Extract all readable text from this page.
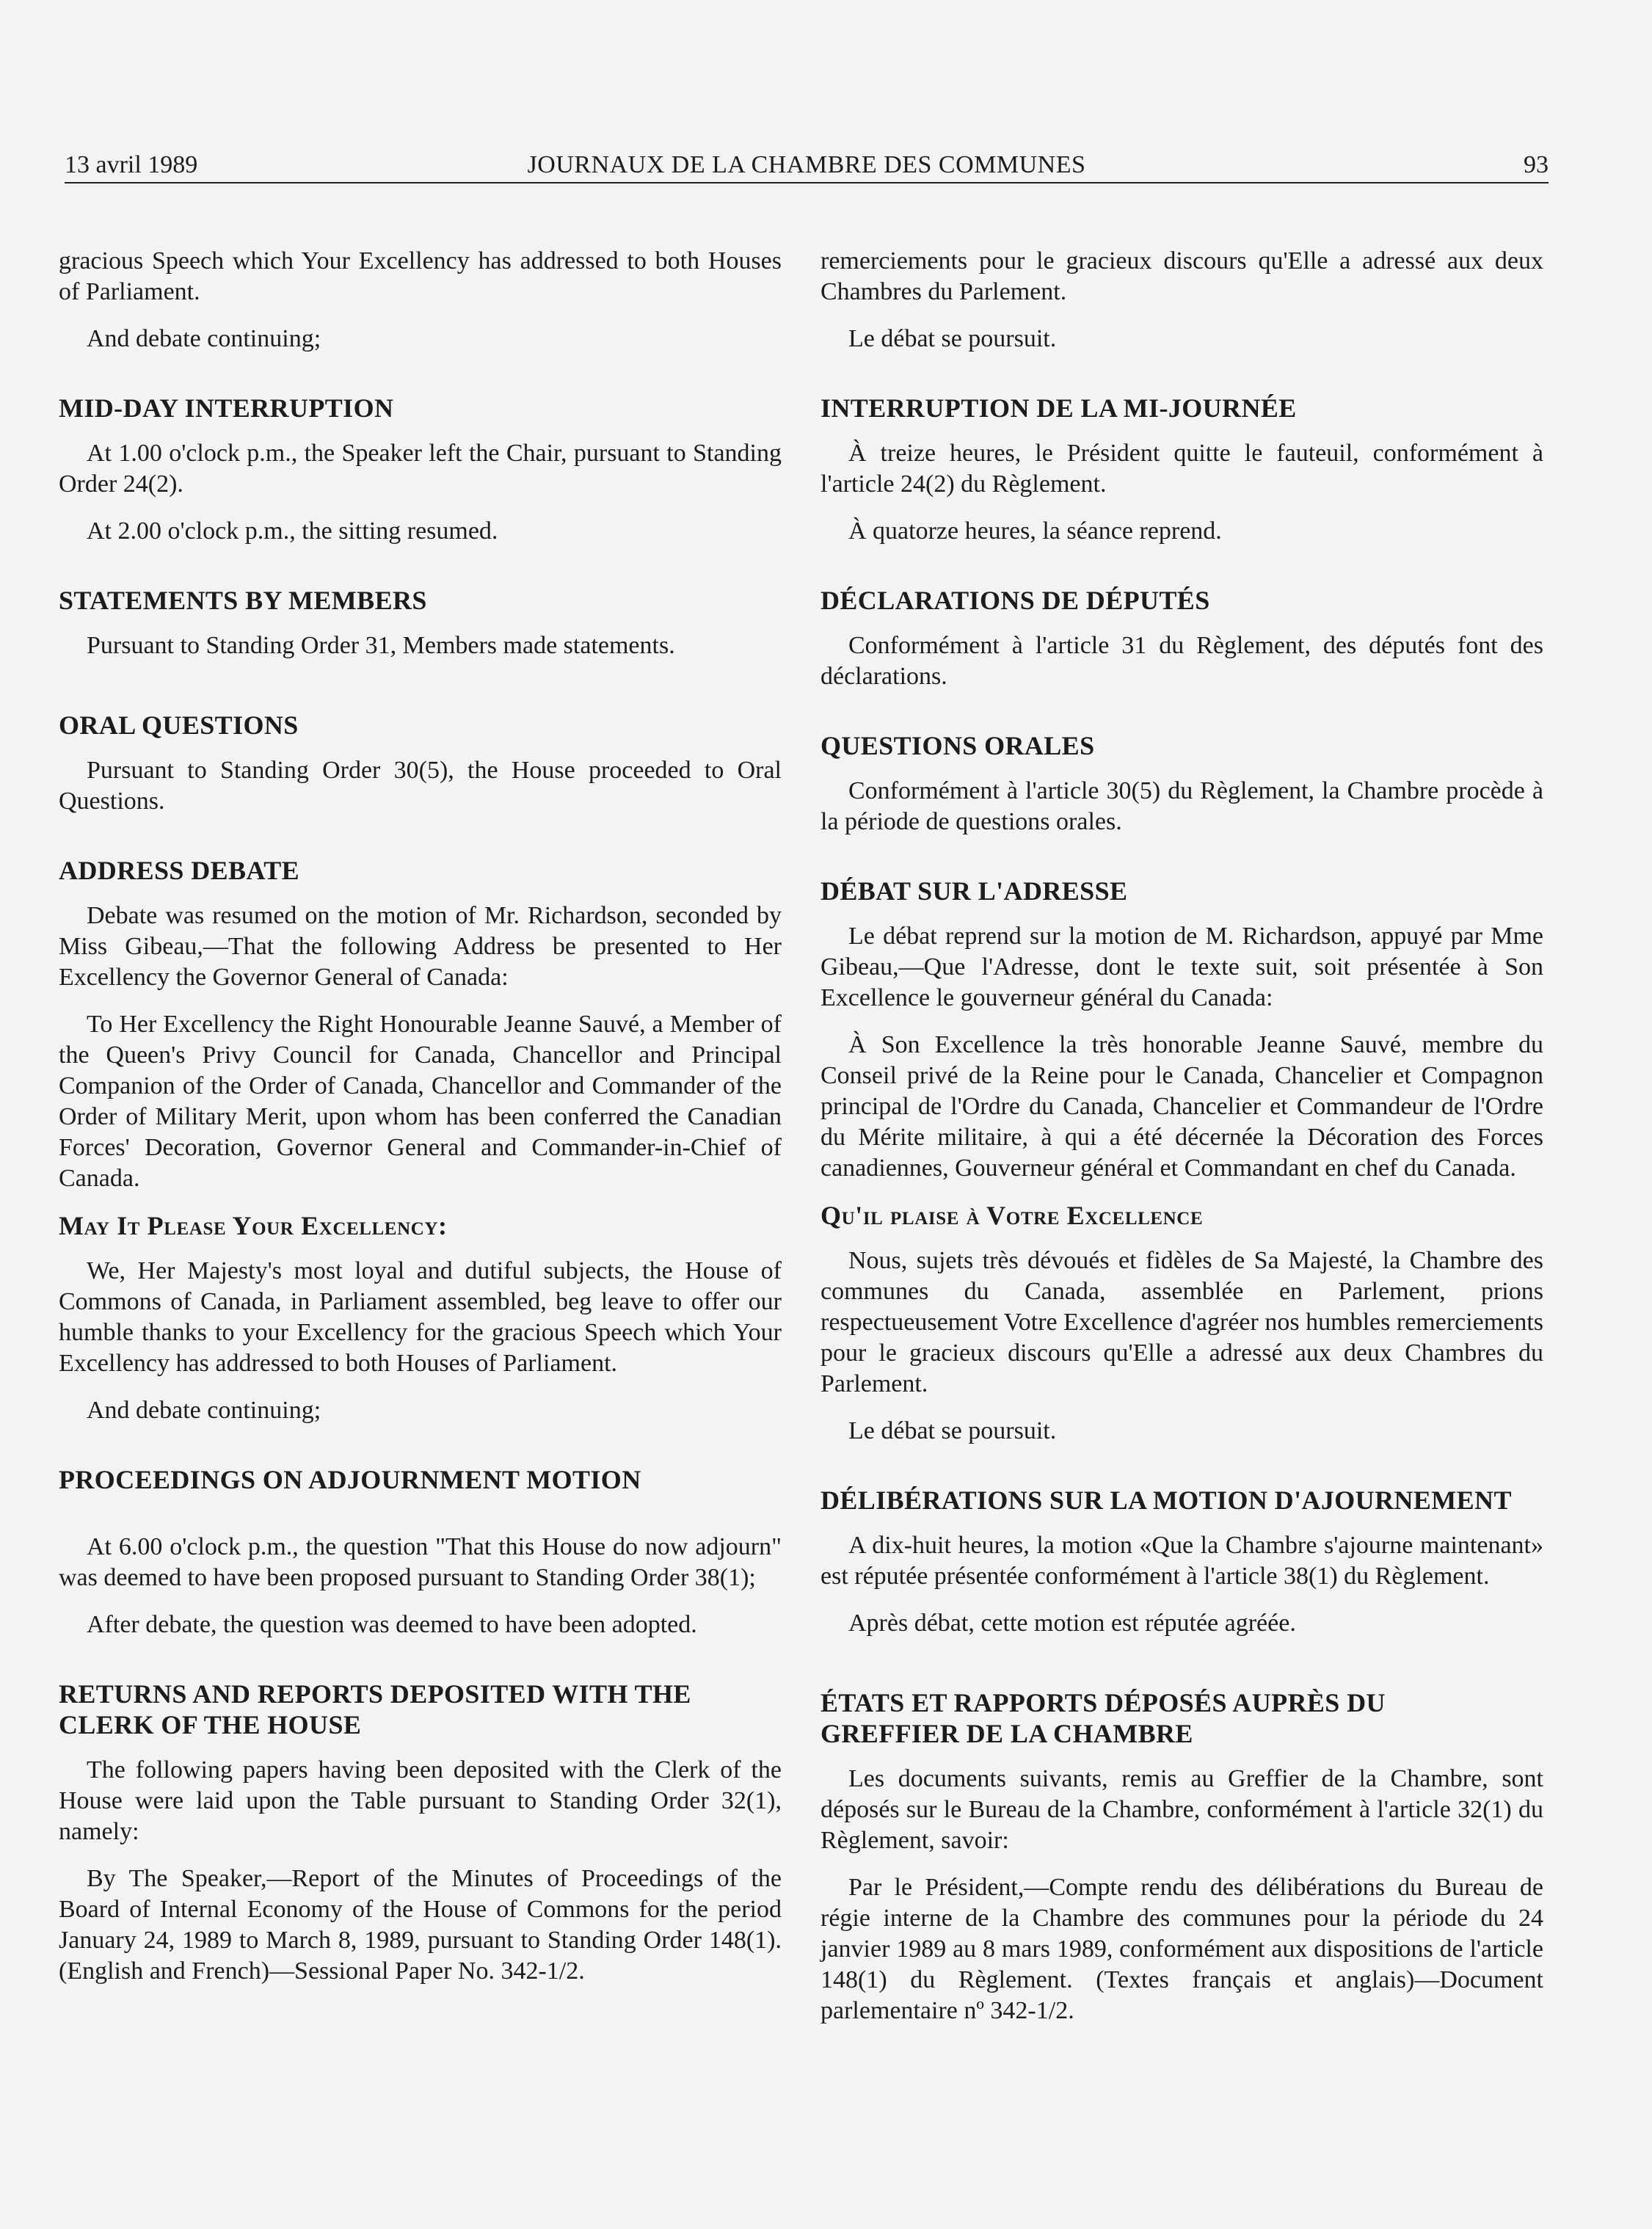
13 avril 1989	JOURNAUX DE LA CHAMBRE DES COMMUNES	93

gracious Speech which Your Excellency has addressed to both Houses of Parliament.

And debate continuing;

MID-DAY INTERRUPTION

At 1.00 o'clock p.m., the Speaker left the Chair, pursuant to Standing Order 24(2).

At 2.00 o'clock p.m., the sitting resumed.

STATEMENTS BY MEMBERS

Pursuant to Standing Order 31, Members made statements.

ORAL QUESTIONS

Pursuant to Standing Order 30(5), the House proceeded to Oral Questions.

ADDRESS DEBATE

Debate was resumed on the motion of Mr. Richardson, seconded by Miss Gibeau,—That the following Address be presented to Her Excellency the Governor General of Canada:

To Her Excellency the Right Honourable Jeanne Sauvé, a Member of the Queen's Privy Council for Canada, Chancellor and Principal Companion of the Order of Canada, Chancellor and Commander of the Order of Military Merit, upon whom has been conferred the Canadian Forces' Decoration, Governor General and Commander-in-Chief of Canada.

May It Please Your Excellency:

We, Her Majesty's most loyal and dutiful subjects, the House of Commons of Canada, in Parliament assembled, beg leave to offer our humble thanks to your Excellency for the gracious Speech which Your Excellency has addressed to both Houses of Parliament.

And debate continuing;

PROCEEDINGS ON ADJOURNMENT MOTION

At 6.00 o'clock p.m., the question "That this House do now adjourn" was deemed to have been proposed pursuant to Standing Order 38(1);

After debate, the question was deemed to have been adopted.

RETURNS AND REPORTS DEPOSITED WITH THE
CLERK OF THE HOUSE

The following papers having been deposited with the Clerk of the House were laid upon the Table pursuant to Standing Order 32(1), namely:

By The Speaker,—Report of the Minutes of Proceedings of the Board of Internal Economy of the House of Commons for the period January 24, 1989 to March 8, 1989, pursuant to Standing Order 148(1). (English and French)—Sessional Paper No. 342-1/2.

remerciements pour le gracieux discours qu'Elle a adressé aux deux Chambres du Parlement.

Le débat se poursuit.

INTERRUPTION DE LA MI-JOURNÉE

À treize heures, le Président quitte le fauteuil, conformément à l'article 24(2) du Règlement.

À quatorze heures, la séance reprend.

DÉCLARATIONS DE DÉPUTÉS

Conformément à l'article 31 du Règlement, des députés font des déclarations.

QUESTIONS ORALES

Conformément à l'article 30(5) du Règlement, la Chambre procède à la période de questions orales.

DÉBAT SUR L'ADRESSE

Le débat reprend sur la motion de M. Richardson, appuyé par Mme Gibeau,—Que l'Adresse, dont le texte suit, soit présentée à Son Excellence le gouverneur général du Canada:

À Son Excellence la très honorable Jeanne Sauvé, membre du Conseil privé de la Reine pour le Canada, Chancelier et Compagnon principal de l'Ordre du Canada, Chancelier et Commandeur de l'Ordre du Mérite militaire, à qui a été décernée la Décoration des Forces canadiennes, Gouverneur général et Commandant en chef du Canada.

Qu'il plaise à Votre Excellence

Nous, sujets très dévoués et fidèles de Sa Majesté, la Chambre des communes du Canada, assemblée en Parlement, prions respectueusement Votre Excellence d'agréer nos humbles remerciements pour le gracieux discours qu'Elle a adressé aux deux Chambres du Parlement.

Le débat se poursuit.

DÉLIBÉRATIONS SUR LA MOTION D'AJOURNEMENT

A dix-huit heures, la motion «Que la Chambre s'ajourne maintenant» est réputée présentée conformément à l'article 38(1) du Règlement.

Après débat, cette motion est réputée agréée.

ÉTATS ET RAPPORTS DÉPOSÉS AUPRÈS DU
GREFFIER DE LA CHAMBRE

Les documents suivants, remis au Greffier de la Chambre, sont déposés sur le Bureau de la Chambre, conformément à l'article 32(1) du Règlement, savoir:

Par le Président,—Compte rendu des délibérations du Bureau de régie interne de la Chambre des communes pour la période du 24 janvier 1989 au 8 mars 1989, conformément aux dispositions de l'article 148(1) du Règlement. (Textes français et anglais)—Document parlementaire nº 342-1/2.
